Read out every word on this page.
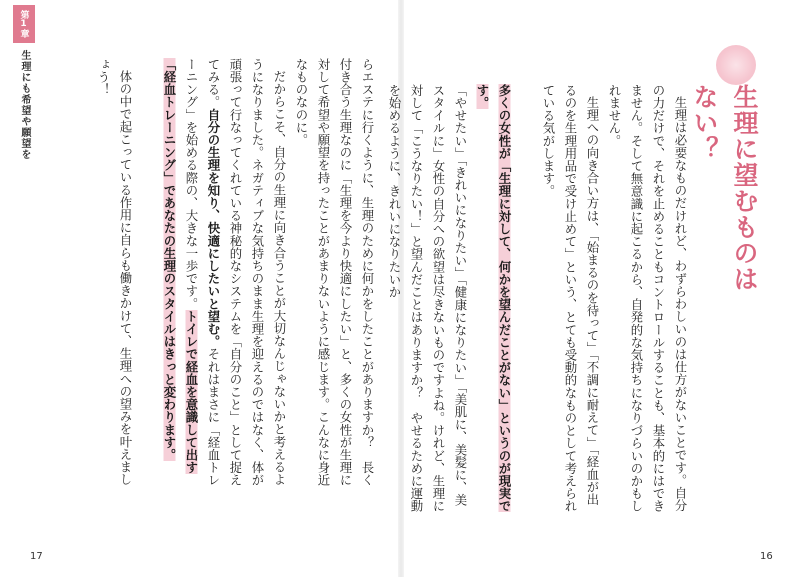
第1章
生理にも希望や願望を	生理に望むものはない？

生理は必要なものだけれど、わずらわしいのは仕方がないことです。自分の力だけで、それを止めることもコントロールすることも、基本的にはできません。そして無意識に起こるから、自発的な気持ちになりづらいのかもしれません。

生理への向き合い方は、「始まるのを待って」「不調に耐えて」「経血が出るのを生理用品で受け止めて」という、とても受動的なものとして考えられている気がします。

多くの女性が「生理に対して、何かを望んだことがない」というのが現実です。

「やせたい」「きれいになりたい」「健康になりたい」「美肌に、美髪に、美スタイルに」女性の自分への欲望は尽きないものですよね。けれど、生理に対して「こうなりたい！」と望んだことはありますか？　やせるために運動を始めるように、きれいになりたいか

らエステに行くように、生理のために何かをしたことがありますか？　長く付き合う生理なのに「生理を今より快適にしたい」と、多くの女性が生理に対して希望や願望を持ったことがあまりないように感じます。こんなに身近なものなのに。

だからこそ、自分の生理に向き合うことが大切なんじゃないかと考えるようになりました。ネガティブな気持ちのまま生理を迎えるのではなく、体が頑張って行なってくれている神秘的なシステムを「自分のこと」として捉えてみる。自分の生理を知り、快適にしたいと望む。それはまさに「経血トレーニング」を始める際の、大きな一歩です。トイレで経血を意識して出す「経血トレーニング」であなたの生理のスタイルはきっと変わります。

体の中で起こっている作用に自らも働きかけて、生理への望みを叶えましょう！

17	16
